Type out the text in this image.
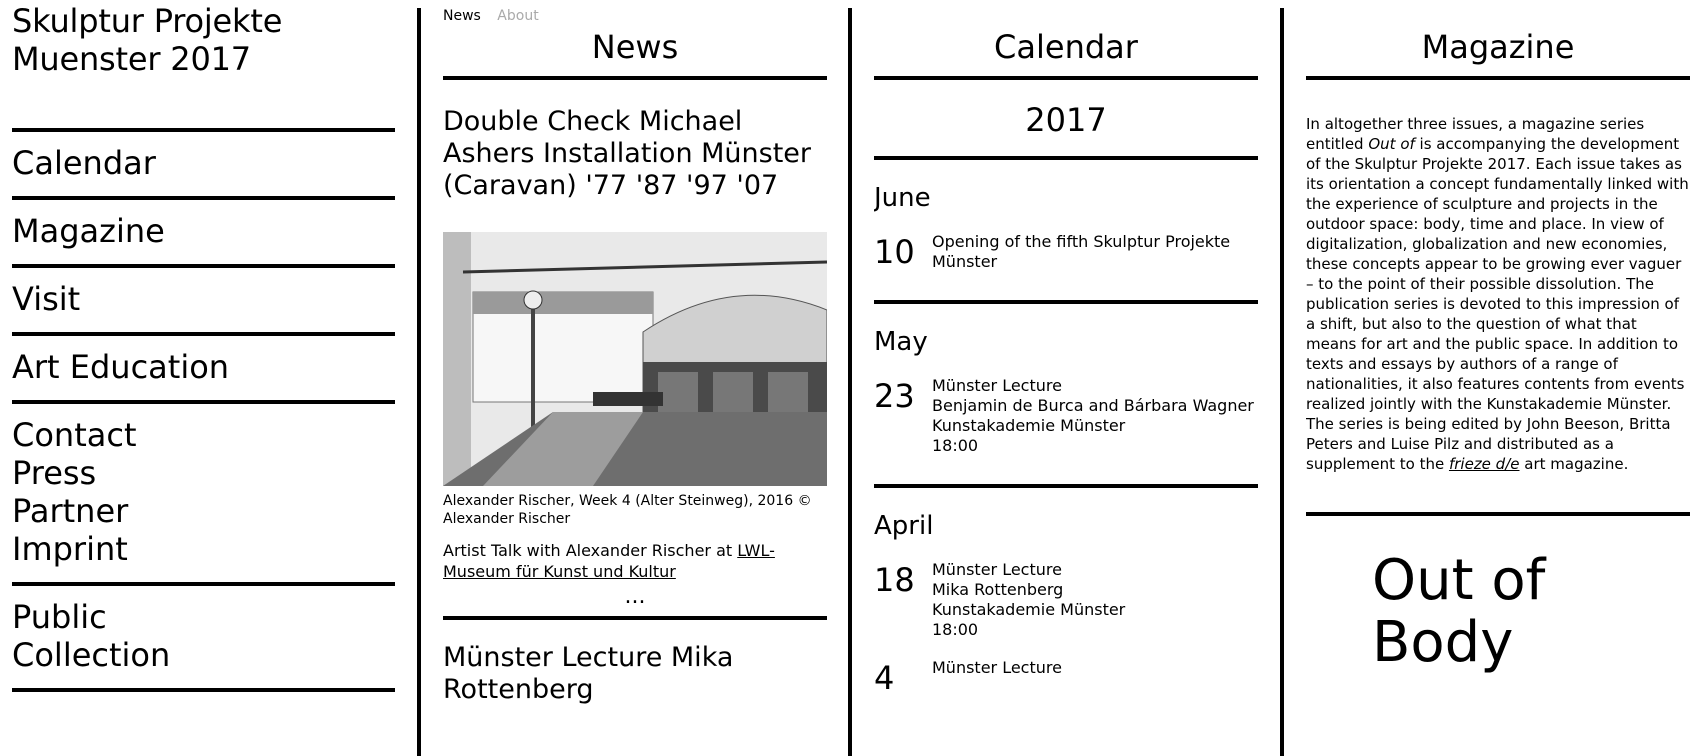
Skulptur Projekte Muenster 2017
Calendar
Magazine
Visit
Art Education
Contact
Press
Partner
Imprint
Public Collection
News About
News
Double Check Michael Ashers Installation Münster (Caravan) '77 '87 '97 '07
Alexander Rischer, Week 4 (Alter Steinweg), 2016 © Alexander Rischer
Artist Talk with Alexander Rischer at LWL-Museum für Kunst und Kultur
...
Münster Lecture Mika Rottenberg
Calendar
2017
June
10	Opening of the fifth Skulptur Projekte Münster
May
23	Münster Lecture
Benjamin de Burca and Bárbara Wagner
Kunstakademie Münster
18:00
April
18	Münster Lecture
Mika Rottenberg
Kunstakademie Münster
18:00
4	Münster Lecture
Magazine
In altogether three issues, a magazine series entitled Out of is accompanying the development of the Skulptur Projekte 2017. Each issue takes as its orientation a concept fundamentally linked with the experience of sculpture and projects in the outdoor space: body, time and place. In view of digitalization, globalization and new economies, these concepts appear to be growing ever vaguer – to the point of their possible dissolution. The publication series is devoted to this impression of a shift, but also to the question of what that means for art and the public space. In addition to texts and essays by authors of a range of nationalities, it also features contents from events realized jointly with the Kunstakademie Münster. The series is being edited by John Beeson, Britta Peters and Luise Pilz and distributed as a supplement to the frieze d/e art magazine.
Out of Body
